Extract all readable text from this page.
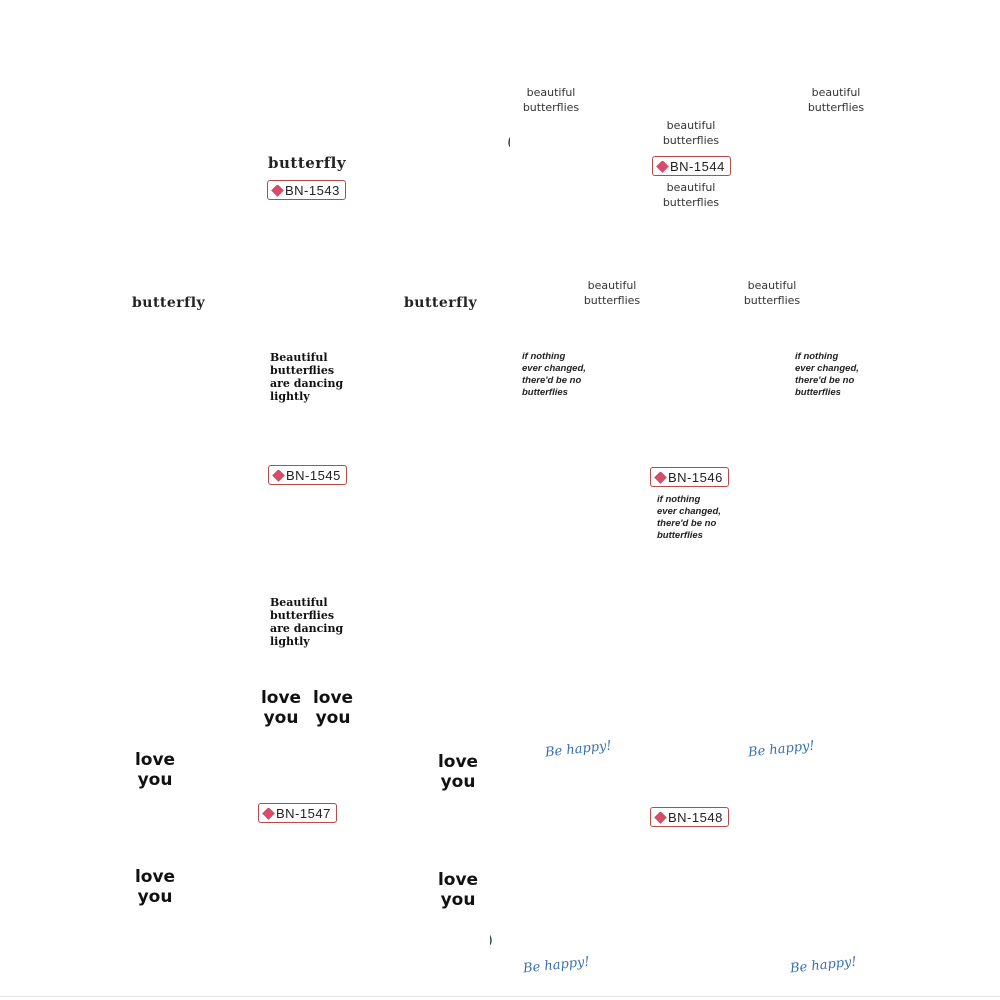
butterfly
BN-1543
butterfly	butterfly
beautiful
butterflies
beautiful
butterflies
beautiful
butterflies
BN-1544
beautiful
butterflies
beautiful
butterflies
beautiful
butterflies
Beautiful
butterflies
are dancing
lightly
BN-1545
Beautiful
butterflies
are dancing
lightly
if nothing
ever changed,
there'd be no
butterflies
if nothing
ever changed,
there'd be no
butterflies
BN-1546
if nothing
ever changed,
there'd be no
butterflies
love
you
love
you
love
you
love
you
love
you
love
you
BN-1547
Be happy!	Be happy!
Be happy!	Be happy!
BN-1548
